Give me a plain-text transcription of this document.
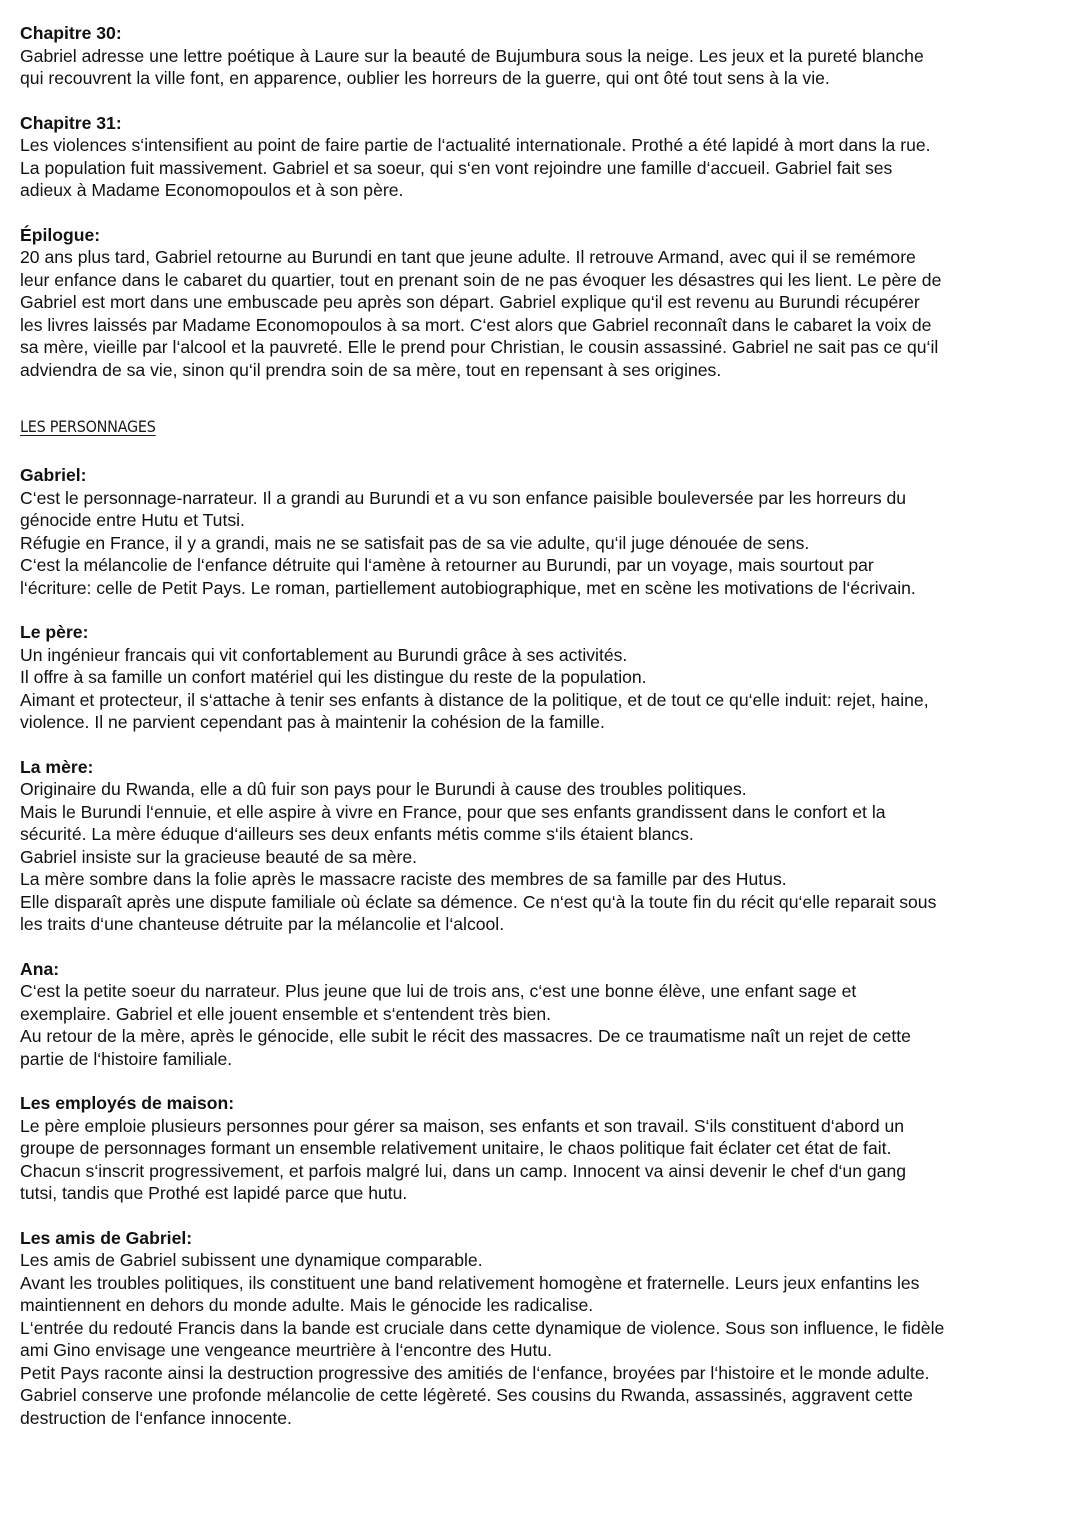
Chapitre 30:

Gabriel adresse une lettre poétique à Laure sur la beauté de Bujumbura sous la neige. Les jeux et la pureté blanche

qui recouvrent la ville font, en apparence, oublier les horreurs de la guerre, qui ont ôté tout sens à la vie.

Chapitre 31:

Les violences s‘intensifient au point de faire partie de l‘actualité internationale. Prothé a été lapidé à mort dans la rue.

La population fuit massivement. Gabriel et sa soeur, qui s‘en vont rejoindre une famille d‘accueil. Gabriel fait ses

adieux à Madame Economopoulos et à son père.

Épilogue:

20 ans plus tard, Gabriel retourne au Burundi en tant que jeune adulte. Il retrouve Armand, avec qui il se remémore

leur enfance dans le cabaret du quartier, tout en prenant soin de ne pas évoquer les désastres qui les lient. Le père de

Gabriel est mort dans une embuscade peu après son départ. Gabriel explique qu‘il est revenu au Burundi récupérer

les livres laissés par Madame Economopoulos à sa mort. C‘est alors que Gabriel reconnaît dans le cabaret la voix de

sa mère, vieille par l‘alcool et la pauvreté. Elle le prend pour Christian, le cousin assassiné. Gabriel ne sait pas ce qu‘il

adviendra de sa vie, sinon qu‘il prendra soin de sa mère, tout en repensant à ses origines.

LES PERSONNAGES

Gabriel:

C‘est le personnage-narrateur. Il a grandi au Burundi et a vu son enfance paisible bouleversée par les horreurs du

génocide entre Hutu et Tutsi.

Réfugie en France, il y a grandi, mais ne se satisfait pas de sa vie adulte, qu‘il juge dénouée de sens.

C‘est la mélancolie de l‘enfance détruite qui l‘amène à retourner au Burundi, par un voyage, mais sourtout par

l‘écriture: celle de Petit Pays. Le roman, partiellement autobiographique, met en scène les motivations de l‘écrivain.

Le père:

Un ingénieur francais qui vit confortablement au Burundi grâce à ses activités.

Il offre à sa famille un confort matériel qui les distingue du reste de la population.

Aimant et protecteur, il s‘attache à tenir ses enfants à distance de la politique, et de tout ce qu‘elle induit: rejet, haine,

violence. Il ne parvient cependant pas à maintenir la cohésion de la famille.

La mère:

Originaire du Rwanda, elle a dû fuir son pays pour le Burundi à cause des troubles politiques.

Mais le Burundi l‘ennuie, et elle aspire à vivre en France, pour que ses enfants grandissent dans le confort et la

sécurité. La mère éduque d‘ailleurs ses deux enfants métis comme s‘ils étaient blancs.

Gabriel insiste sur la gracieuse beauté de sa mère.

La mère sombre dans la folie après le massacre raciste des membres de sa famille par des Hutus.

Elle disparaît après une dispute familiale où éclate sa démence. Ce n‘est qu‘à la toute fin du récit qu‘elle reparait sous

les traits d‘une chanteuse détruite par la mélancolie et l‘alcool.

Ana:

C‘est la petite soeur du narrateur. Plus jeune que lui de trois ans, c‘est une bonne élève, une enfant sage et

exemplaire. Gabriel et elle jouent ensemble et s‘entendent très bien.

Au retour de la mère, après le génocide, elle subit le récit des massacres. De ce traumatisme naît un rejet de cette

partie de l‘histoire familiale.

Les employés de maison:

Le père emploie plusieurs personnes pour gérer sa maison, ses enfants et son travail. S‘ils constituent d‘abord un

groupe de personnages formant un ensemble relativement unitaire, le chaos politique fait éclater cet état de fait.

Chacun s‘inscrit progressivement, et parfois malgré lui, dans un camp. Innocent va ainsi devenir le chef d‘un gang

tutsi, tandis que Prothé est lapidé parce que hutu.

Les amis de Gabriel:

Les amis de Gabriel subissent une dynamique comparable.

Avant les troubles politiques, ils constituent une band relativement homogène et fraternelle. Leurs jeux enfantins les

maintiennent en dehors du monde adulte. Mais le génocide les radicalise.

L‘entrée du redouté Francis dans la bande est cruciale dans cette dynamique de violence. Sous son influence, le fidèle

ami Gino envisage une vengeance meurtrière à l‘encontre des Hutu.

Petit Pays raconte ainsi la destruction progressive des amitiés de l‘enfance, broyées par l‘histoire et le monde adulte.

Gabriel conserve une profonde mélancolie de cette légèreté. Ses cousins du Rwanda, assassinés, aggravent cette

destruction de l‘enfance innocente.
